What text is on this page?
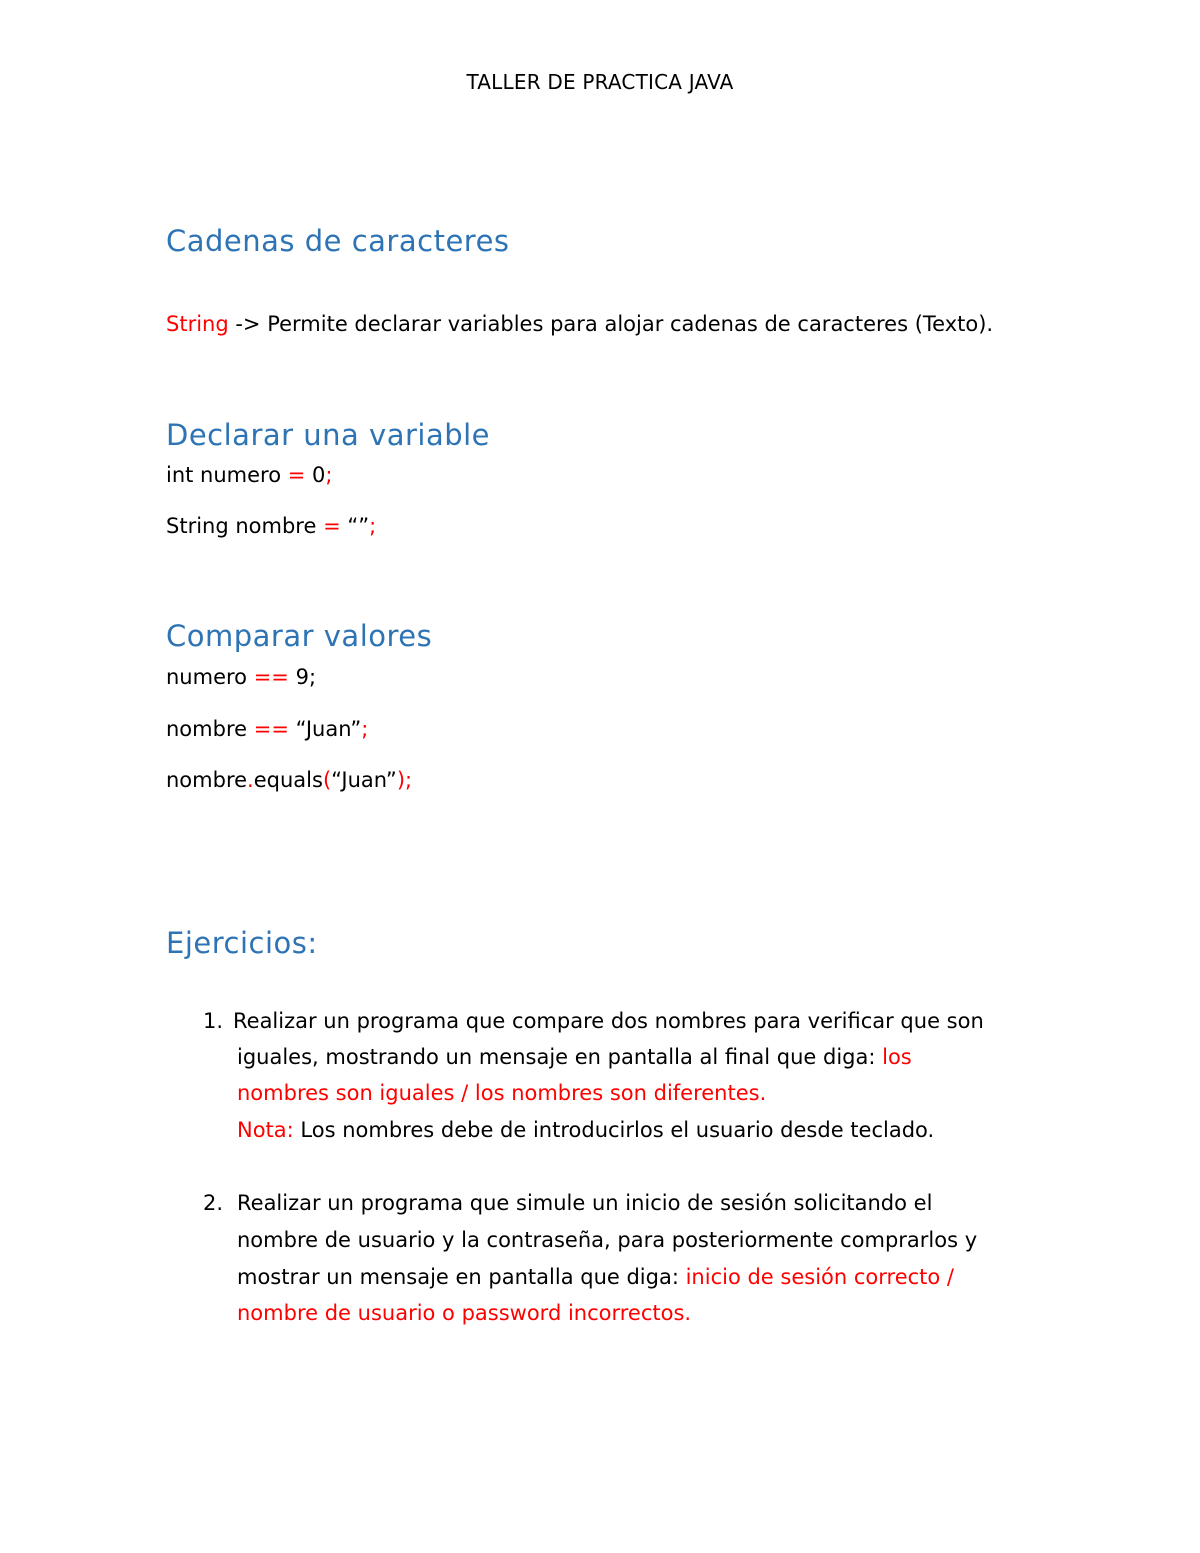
TALLER DE PRACTICA JAVA
Cadenas de caracteres
String -> Permite declarar variables para alojar cadenas de caracteres (Texto).
Declarar una variable
int numero = 0;
String nombre = “”;
Comparar valores
numero == 9;
nombre == “Juan”;
nombre.equals(“Juan”);
Ejercicios:
1. Realizar un programa que compare dos nombres para verificar que son
iguales, mostrando un mensaje en pantalla al final que diga: los
nombres son iguales / los nombres son diferentes.
Nota: Los nombres debe de introducirlos el usuario desde teclado.
2. Realizar un programa que simule un inicio de sesión solicitando el
nombre de usuario y la contraseña, para posteriormente comprarlos y
mostrar un mensaje en pantalla que diga: inicio de sesión correcto /
nombre de usuario o password incorrectos.
